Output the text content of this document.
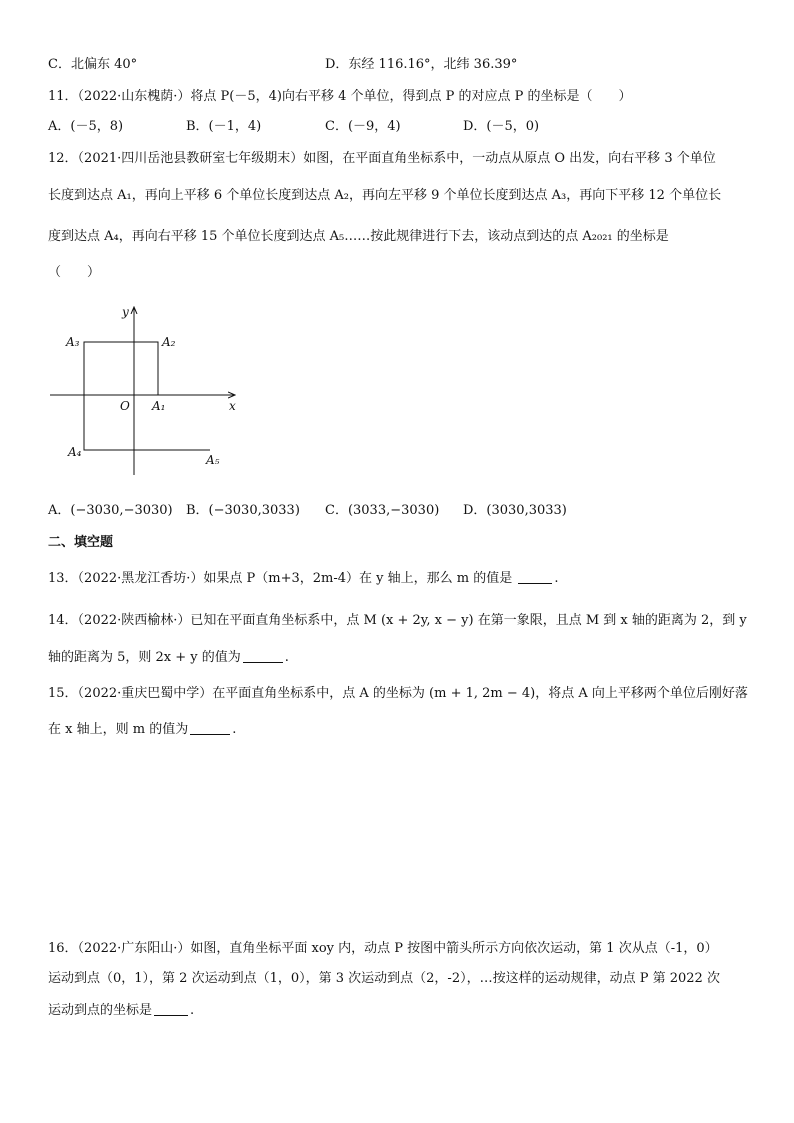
C．北偏东 40°	D．东经 116.16°，北纬 36.39°
11．（2022·山东槐荫·）将点 P(－5，4)向右平移 4 个单位，得到点 P 的对应点 P 的坐标是（　　）
A．(－5，8)	B．(－1，4)	C．(－9，4)	D．(－5，0)
12．（2021·四川岳池县教研室七年级期末）如图，在平面直角坐标系中，一动点从原点 O 出发，向右平移 3 个单位
长度到达点 A₁，再向上平移 6 个单位长度到达点 A₂，再向左平移 9 个单位长度到达点 A₃，再向下平移 12 个单位长
度到达点 A₄，再向右平移 15 个单位长度到达点 A₅……按此规律进行下去，该动点到达的点 A₂₀₂₁ 的坐标是
（　　）
y
x
O A₁
A₂
A₃
A₄
A₅
A．(−3030,−3030) B．(−3030,3033) C．(3033,−3030) D．(3030,3033)
二、填空题
13．（2022·黑龙江香坊·）如果点 P（m+3，2m-4）在 y 轴上，那么 m 的值是	.
14．（2022·陕西榆林·）已知在平面直角坐标系中，点 M (x + 2y, x − y) 在第一象限，且点 M 到 x 轴的距离为 2，到 y
轴的距离为 5，则 2x + y 的值为	.
15．（2022·重庆巴蜀中学）在平面直角坐标系中，点 A 的坐标为 (m + 1, 2m − 4)，将点 A 向上平移两个单位后刚好落
在 x 轴上，则 m 的值为	.
16．（2022·广东阳山·）如图，直角坐标平面 xoy 内，动点 P 按图中箭头所示方向依次运动，第 1 次从点（-1，0）
运动到点（0，1），第 2 次运动到点（1，0），第 3 次运动到点（2，-2），…按这样的运动规律，动点 P 第 2022 次
运动到点的坐标是	.
